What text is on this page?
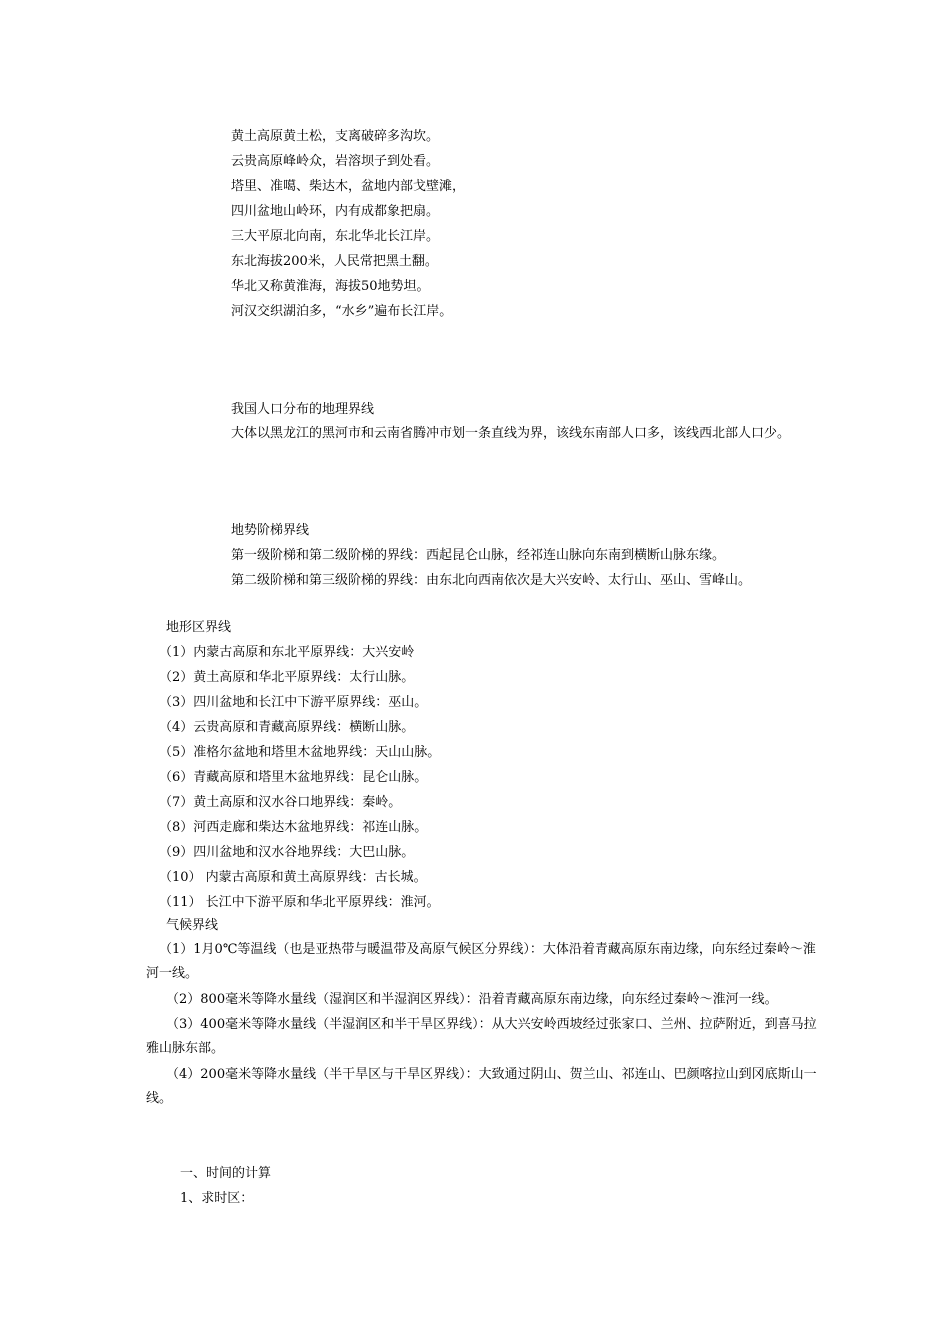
黄土高原黄土松，支离破碎多沟坎。
云贵高原峰岭众，岩溶坝子到处看。
塔里、准噶、柴达木，盆地内部戈壁滩，
四川盆地山岭环，内有成都象把扇。
三大平原北向南，东北华北长江岸。
东北海拔200米，人民常把黑土翻。
华北又称黄淮海，海拔50地势坦。
河汉交织湖泊多，“水乡”遍布长江岸。
我国人口分布的地理界线
大体以黑龙江的黑河市和云南省腾冲市划一条直线为界，该线东南部人口多，该线西北部人口少。
地势阶梯界线
第一级阶梯和第二级阶梯的界线：西起昆仑山脉，经祁连山脉向东南到横断山脉东缘。
第二级阶梯和第三级阶梯的界线：由东北向西南依次是大兴安岭、太行山、巫山、雪峰山。
地形区界线
（1）内蒙古高原和东北平原界线：大兴安岭
（2）黄土高原和华北平原界线：太行山脉。
（3）四川盆地和长江中下游平原界线：巫山。
（4）云贵高原和青藏高原界线：横断山脉。
（5）准格尔盆地和塔里木盆地界线：天山山脉。
（6）青藏高原和塔里木盆地界线：昆仑山脉。
（7）黄土高原和汉水谷口地界线：秦岭。
（8）河西走廊和柴达木盆地界线：祁连山脉。
（9）四川盆地和汉水谷地界线：大巴山脉。
（10） 内蒙古高原和黄土高原界线：古长城。
（11） 长江中下游平原和华北平原界线：淮河。
气候界线
（1）1月0℃等温线（也是亚热带与暖温带及高原气候区分界线）：大体沿着青藏高原东南边缘，向东经过秦岭～淮河一线。
（2）800毫米等降水量线（湿润区和半湿润区界线）：沿着青藏高原东南边缘，向东经过秦岭～淮河一线。
（3）400毫米等降水量线（半湿润区和半干旱区界线）：从大兴安岭西坡经过张家口、兰州、拉萨附近，到喜马拉雅山脉东部。
（4）200毫米等降水量线（半干旱区与干旱区界线）：大致通过阴山、贺兰山、祁连山、巴颜喀拉山到冈底斯山一线。
一、时间的计算
1、求时区：
